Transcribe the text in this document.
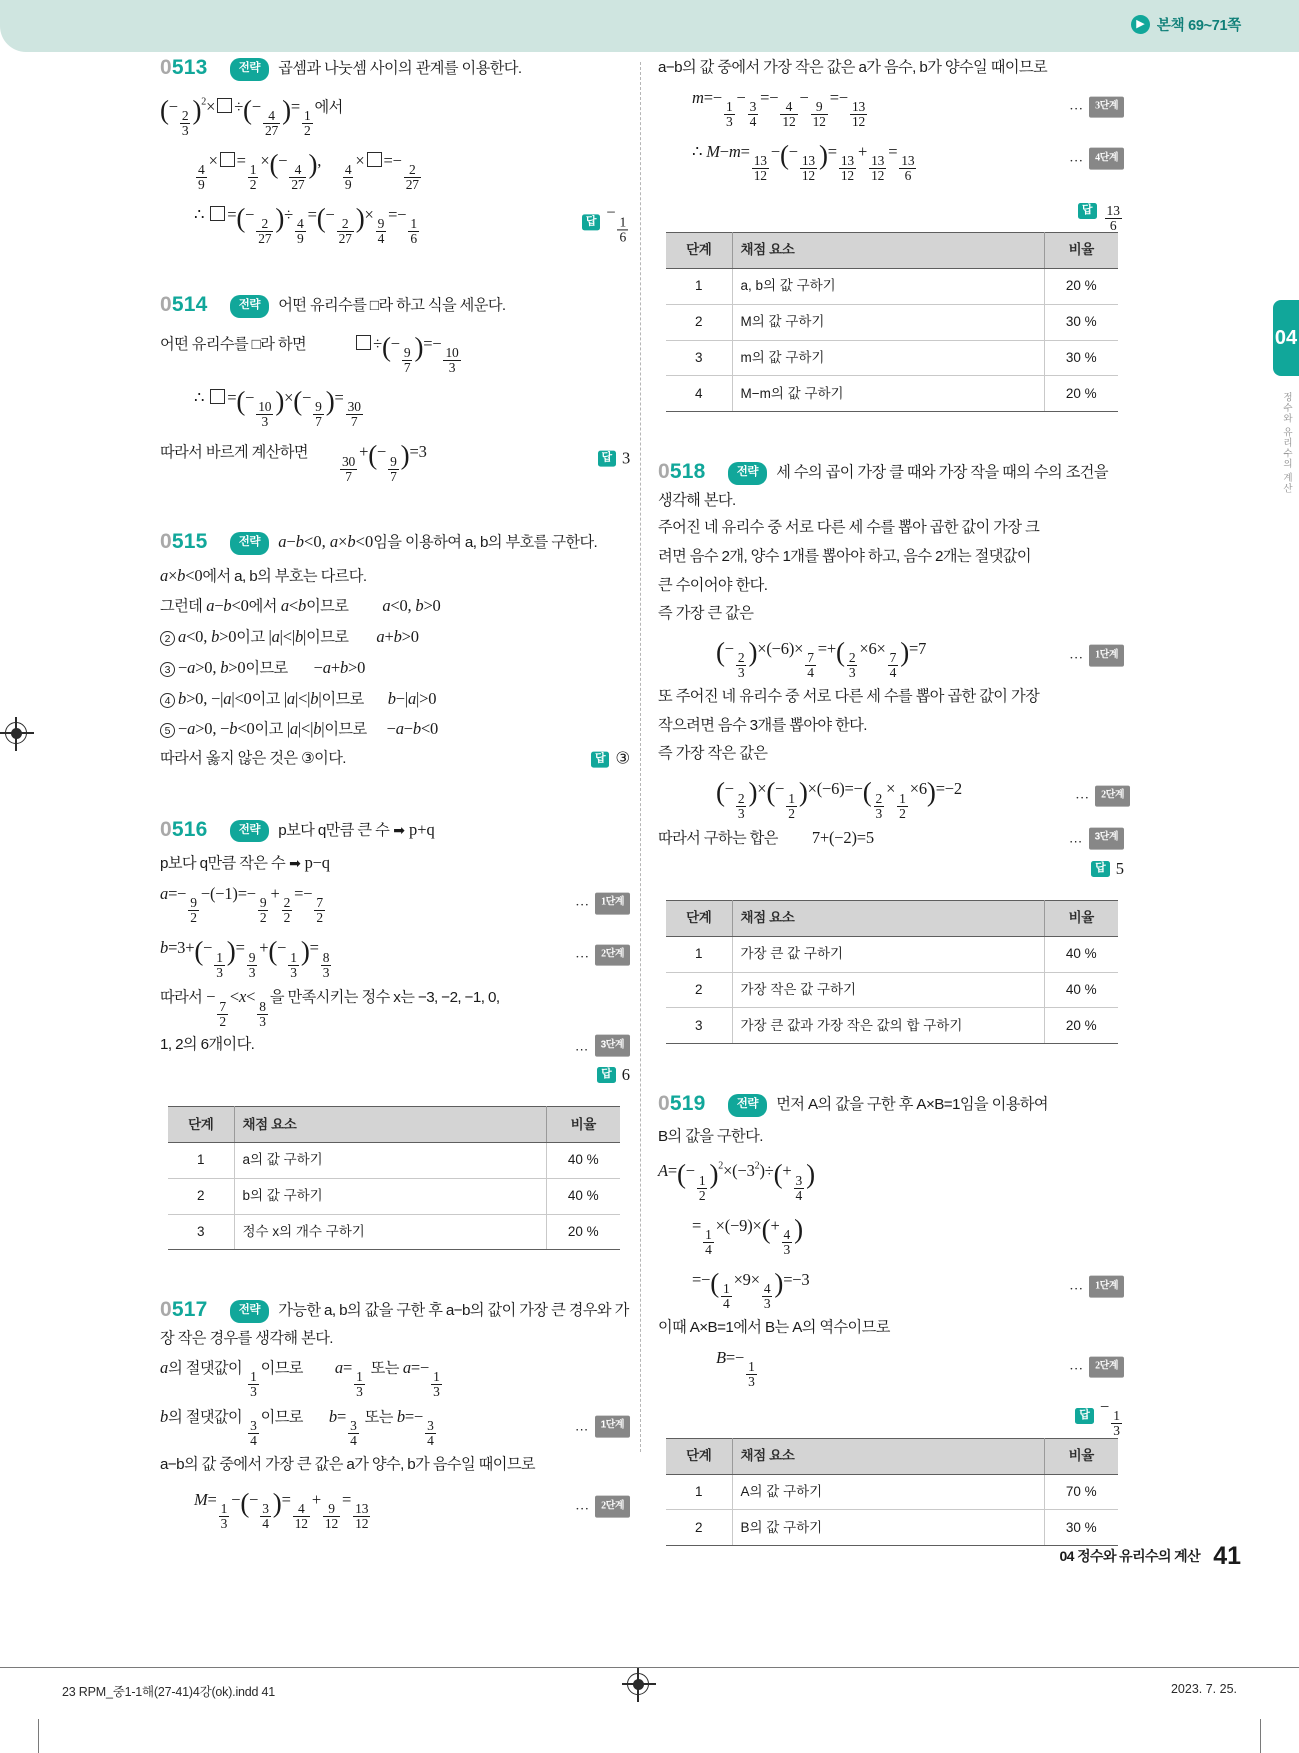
▶ 본책 69~71쪽
04
정수와 유리수의 계산
0513	전략 곱셈과 나눗셈 사이의 관계를 이용한다.
(−
$\frac{2}{3} )^2\times$ ÷(−
$\frac{4}{27}$ )=
$\frac{1}{2}$
에서
$\frac{4}{9}$
× =
$\frac{1}{2}$
×(−
$\frac{4}{27}$ ),
$\frac{4}{9}$
× =−
$\frac{2}{27}$
∴ =(−
$\frac{2}{27}$ )÷
$\frac{4}{9}$
=(−
$\frac{2}{27}$ )×
$\frac{9}{4}$
=−
$\frac{1}{6}$	답 −
$\frac{1}{6}$
0514	전략 어떤 유리수를 □라 하고 식을 세운다.
어떤 유리수를 □라 하면	÷(−
$\frac{9}{7}$ )=−
$\frac{10}{3}$
∴ =(−
$\frac{10}{3}$ )×(−
$\frac{9}{7}$ )=
$\frac{30}{7}$
따라서 바르게 계산하면
$\frac{30}{7}$
+(−
$\frac{9}{7} )=3$	답 3
0515	전략 a−b<0, a×b<0임을 이용하여 a, b의 부호를 구한다.
a×b<0에서 a, b의 부호는 다르다.
그런데 a−b<0에서 a<b이므로 a<0, b>0
2 a<0, b>0이고 |a|<|b|이므로 a+b>0
3 −a>0, b>0이므로 −a+b>0
4 b>0, −|a|<0이고 |a|<|b|이므로 b−|a|>0
5 −a>0, −b<0이고 |a|<|b|이므로 −a−b<0
따라서 옳지 않은 것은 ③이다.	답 ③
0516	전략 p보다 q만큼 큰 수 ➡ p+q
p보다 q만큼 작은 수 ➡ p−q
a=−
$\frac{9}{2}$
−(−1)=−
$\frac{9}{2}$
+
$\frac{2}{2}$
=−
$\frac{7}{2}$	…	1단계
b=3+(−
$\frac{1}{3}$ )=
$\frac{9}{3}$
+(−
$\frac{1}{3}$ )=
$\frac{8}{3}$	…	2단계
따라서 −
$\frac{7}{2}$
<x<
$\frac{8}{3}$
을 만족시키는 정수 x는 −3, −2, −1, 0,
1, 2의 6개이다.	…	3단계
답 6
단계	채점 요소	비율
1	a의 값 구하기	40 %
2	b의 값 구하기	40 %
3	정수 x의 개수 구하기	20 %
0517	전략 가능한 a, b의 값을 구한 후 a−b의 값이 가장 큰 경우와 가장 작은 경우를 생각해 본다.
a의 절댓값이
$\frac{1}{3}$
이므로 a=
$\frac{1}{3}$
또는 a=−
$\frac{1}{3}$
b의 절댓값이
$\frac{3}{4}$
이므로 b=
$\frac{3}{4}$
또는 b=−
$\frac{3}{4}$	…	1단계
a−b의 값 중에서 가장 큰 값은 a가 양수, b가 음수일 때이므로
M=
$\frac{1}{3}$
−(−
$\frac{3}{4}$ )=
$\frac{4}{12}$
+
$\frac{9}{12}$
=
$\frac{13}{12}$	…	2단계
a−b의 값 중에서 가장 작은 값은 a가 음수, b가 양수일 때이므로
m=−
$\frac{1}{3}$
−
$\frac{3}{4}$
=−
$\frac{4}{12}$
−
$\frac{9}{12}$
=−
$\frac{13}{12}$	…	3단계
∴ M−m=
$\frac{13}{12}$
−(−
$\frac{13}{12}$ )=
$\frac{13}{12}$
+
$\frac{13}{12}$
=
$\frac{13}{6}$	…	4단계
답 $\frac{13}{6}$
단계	채점 요소	비율
1	a, b의 값 구하기	20 %
2	M의 값 구하기	30 %
3	m의 값 구하기	30 %
4	M−m의 값 구하기	20 %
0518	전략 세 수의 곱이 가장 클 때와 가장 작을 때의 수의 조건을 생각해 본다.
주어진 네 유리수 중 서로 다른 세 수를 뽑아 곱한 값이 가장 크
려면 음수 2개, 양수 1개를 뽑아야 하고, 음수 2개는 절댓값이
큰 수이어야 한다.
즉 가장 큰 값은
(−
$\frac{2}{3} )\times(-6)\times$
$\frac{7}{4}$
=+( $\frac{2}{3}$
×6×
$\frac{7}{4} )=7$	…	1단계
또 주어진 네 유리수 중 서로 다른 세 수를 뽑아 곱한 값이 가장
작으려면 음수 3개를 뽑아야 한다.
즉 가장 작은 값은
(−
$\frac{2}{3}$ )×(−
$\frac{1}{2} )\times(-6)=-( \frac{2}{3}$
×
$\frac{1}{2}$
×6)=−2	…	2단계
따라서 구하는 합은 7+(−2)=5	…	3단계
답 5
단계	채점 요소	비율
1	가장 큰 값 구하기	40 %
2	가장 작은 값 구하기	40 %
3	가장 큰 값과 가장 작은 값의 합 구하기	20 %
0519	전략 먼저 A의 값을 구한 후 A×B=1임을 이용하여
B의 값을 구한다.
A=(−
$\frac{1}{2} )^2\times(-3^2)\div(+$
$\frac{3}{4}$ )
=
$\frac{1}{4}$
×(−9)×(+
$\frac{4}{3}$ )
=−( $\frac{1}{4}$
×9×
$\frac{4}{3} )=-3$	…	1단계
이때 A×B=1에서 B는 A의 역수이므로
B=−
$\frac{1}{3}$	…	2단계
답 −
$\frac{1}{3}$
단계	채점 요소	비율
1	A의 값 구하기	70 %
2	B의 값 구하기	30 %
04 정수와 유리수의 계산 41
23 RPM_중1-1해(27-41)4강(ok).indd 41	2023. 7. 25.
